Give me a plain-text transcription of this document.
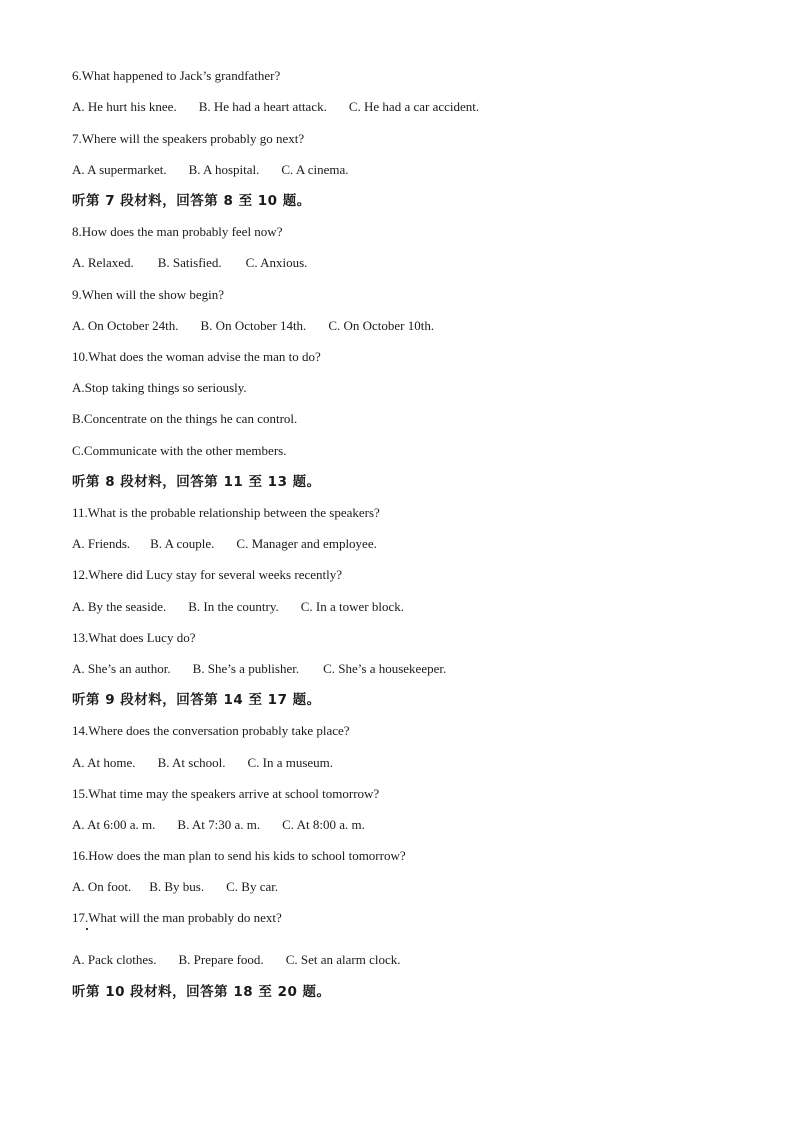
6.What happened to Jack’s grandfather?
A. He hurt his knee. B. He had a heart attack. C. He had a car accident.
7.Where will the speakers probably go next?
A. A supermarket. B. A hospital. C. A cinema.
听第 7 段材料，回答第 8 至 10 题。
8.How does the man probably feel now?
A. Relaxed. B. Satisfied. C. Anxious.
9.When will the show begin?
A. On October 24th. B. On October 14th. C. On October 10th.
10.What does the woman advise the man to do?
A.Stop taking things so seriously.
B.Concentrate on the things he can control.
C.Communicate with the other members.
听第 8 段材料，回答第 11 至 13 题。
11.What is the probable relationship between the speakers?
A. Friends. B. A couple. C. Manager and employee.
12.Where did Lucy stay for several weeks recently?
A. By the seaside. B. In the country. C. In a tower block.
13.What does Lucy do?
A. She’s an author. B. She’s a publisher. C. She’s a housekeeper.
听第 9 段材料，回答第 14 至 17 题。
14.Where does the conversation probably take place?
A. At home. B. At school. C. In a museum.
15.What time may the speakers arrive at school tomorrow?
A. At 6:00 a. m. B. At 7:30 a. m. C. At 8:00 a. m.
16.How does the man plan to send his kids to school tomorrow?
A. On foot. B. By bus. C. By car.
17.What will the man probably do next?
A. Pack clothes. B. Prepare food. C. Set an alarm clock.
听第 10 段材料，回答第 18 至 20 题。
